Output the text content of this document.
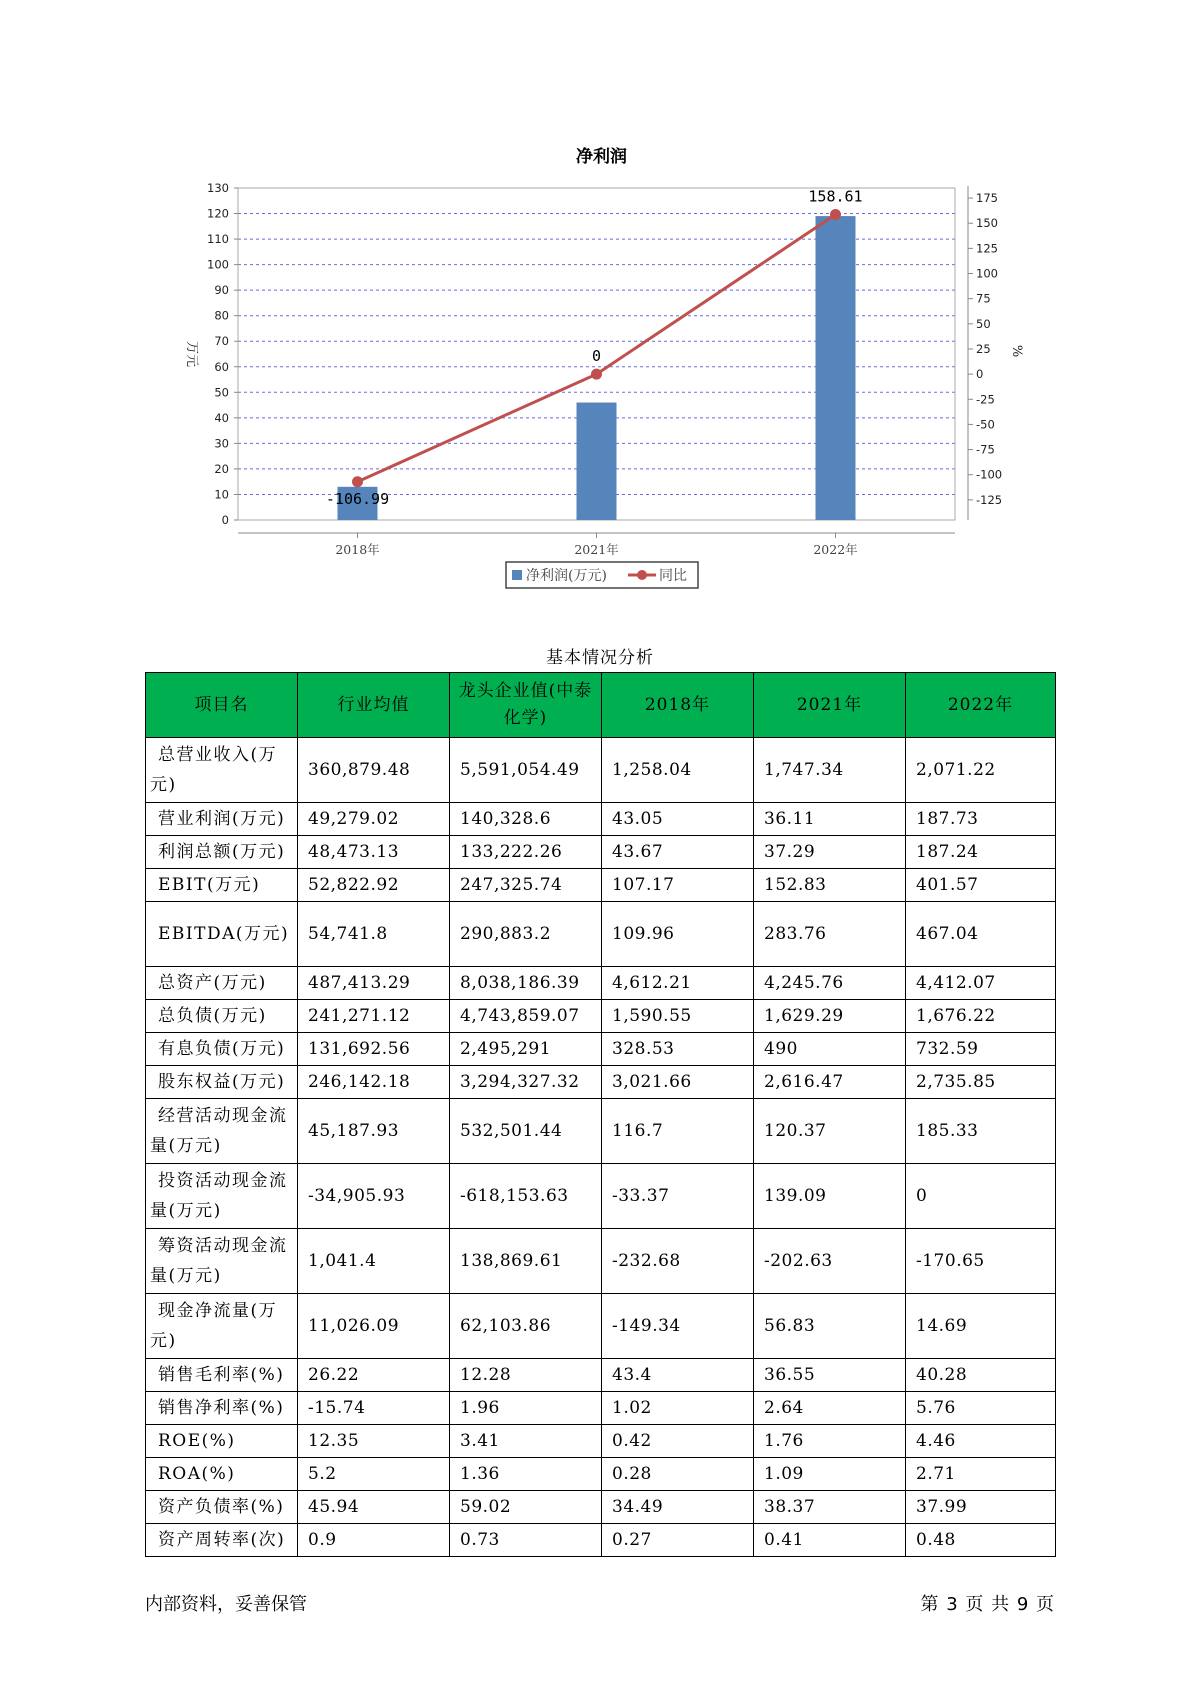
净利润
0
10
20
30
40
50
60
70
80
90
100
110
120
130
-125
-100
-75
-50
-25
0
25
50
75
100
125
150
175
万元	%
2018年	2021年	2022年
-106.99
0
158.61
净利润(万元)	同比
基本情况分析
项目名	行业均值	龙头企业值(中泰化学)	2018年	2021年	2022年
总营业收入(万元)	360,879.48	5,591,054.49	1,258.04	1,747.34	2,071.22
营业利润(万元)	49,279.02	140,328.6	43.05	36.11	187.73
利润总额(万元)	48,473.13	133,222.26	43.67	37.29	187.24
EBIT(万元)	52,822.92	247,325.74	107.17	152.83	401.57
EBITDA(万元)	54,741.8	290,883.2	109.96	283.76	467.04
总资产(万元)	487,413.29	8,038,186.39	4,612.21	4,245.76	4,412.07
总负债(万元)	241,271.12	4,743,859.07	1,590.55	1,629.29	1,676.22
有息负债(万元)	131,692.56	2,495,291	328.53	490	732.59
股东权益(万元)	246,142.18	3,294,327.32	3,021.66	2,616.47	2,735.85
经营活动现金流量(万元)	45,187.93	532,501.44	116.7	120.37	185.33
投资活动现金流量(万元)	-34,905.93	-618,153.63	-33.37	139.09	0
筹资活动现金流量(万元)	1,041.4	138,869.61	-232.68	-202.63	-170.65
现金净流量(万元)	11,026.09	62,103.86	-149.34	56.83	14.69
销售毛利率(%)	26.22	12.28	43.4	36.55	40.28
销售净利率(%)	-15.74	1.96	1.02	2.64	5.76
ROE(%)	12.35	3.41	0.42	1.76	4.46
ROA(%)	5.2	1.36	0.28	1.09	2.71
资产负债率(%)	45.94	59.02	34.49	38.37	37.99
资产周转率(次)	0.9	0.73	0.27	0.41	0.48
内部资料，妥善保管	第 3 页 共 9 页
